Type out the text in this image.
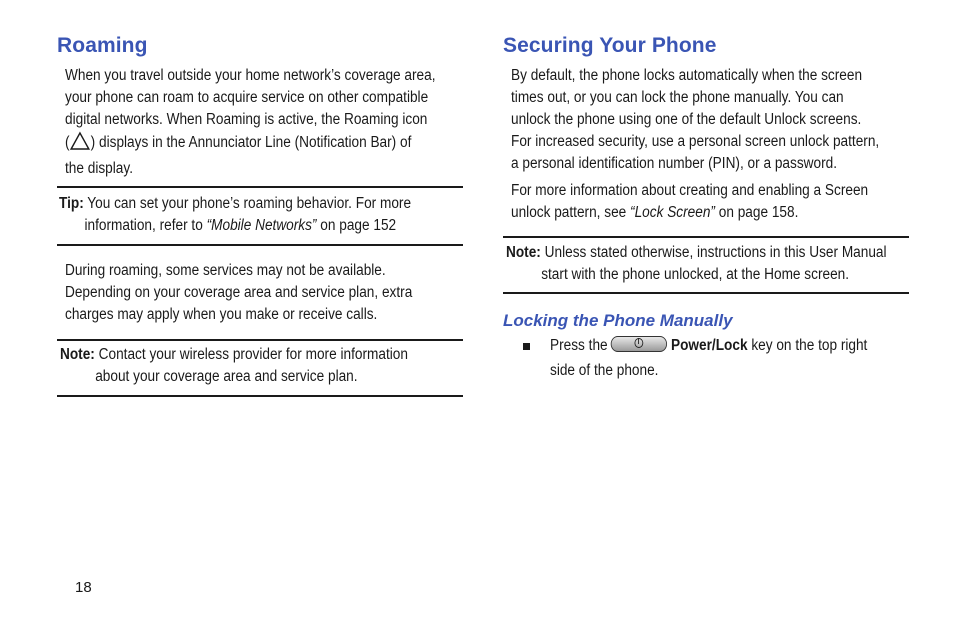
Roaming
When you travel outside your home network’s coverage area,
your phone can roam to acquire service on other compatible
digital networks. When Roaming is active, the Roaming icon
( ) displays in the Annunciator Line (Notification Bar) of
the display.
Tip: You can set your phone’s roaming behavior. For more
information, refer to “Mobile Networks” on page 152
During roaming, some services may not be available.
Depending on your coverage area and service plan, extra
charges may apply when you make or receive calls.
Note: Contact your wireless provider for more information
about your coverage area and service plan.
Securing Your Phone
By default, the phone locks automatically when the screen
times out, or you can lock the phone manually. You can
unlock the phone using one of the default Unlock screens.
For increased security, use a personal screen unlock pattern,
a personal identification number (PIN), or a password.
For more information about creating and enabling a Screen
unlock pattern, see “Lock Screen” on page 158.
Note: Unless stated otherwise, instructions in this User Manual
start with the phone unlocked, at the Home screen.
Locking the Phone Manually
Press the	Power/Lock key on the top right
side of the phone.
18
